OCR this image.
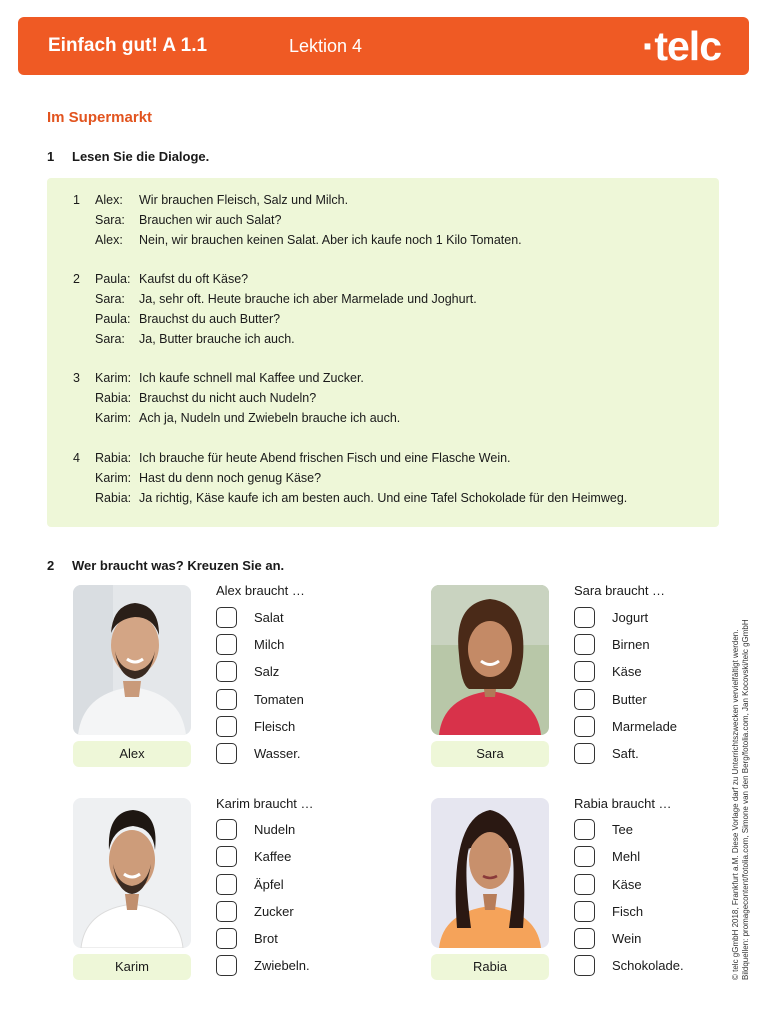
Einfach gut! A 1.1	Lektion 4	·telc
Im Supermarkt
1 Lesen Sie die Dialoge.
1 Alex: Wir brauchen Fleisch, Salz und Milch.
Sara: Brauchen wir auch Salat?
Alex: Nein, wir brauchen keinen Salat. Aber ich kaufe noch 1 Kilo Tomaten.
2 Paula: Kaufst du oft Käse?
Sara: Ja, sehr oft. Heute brauche ich aber Marmelade und Joghurt.
Paula: Brauchst du auch Butter?
Sara: Ja, Butter brauche ich auch.
3 Karim: Ich kaufe schnell mal Kaffee und Zucker.
Rabia: Brauchst du nicht auch Nudeln?
Karim: Ach ja, Nudeln und Zwiebeln brauche ich auch.
4 Rabia: Ich brauche für heute Abend frischen Fisch und eine Flasche Wein.
Karim: Hast du denn noch genug Käse?
Rabia: Ja richtig, Käse kaufe ich am besten auch. Und eine Tafel Schokolade für den Heimweg.
2 Wer braucht was? Kreuzen Sie an.
Alex
Alex braucht …
Salat
Milch
Salz
Tomaten
Fleisch
Wasser.	Sara
Sara braucht …
Jogurt
Birnen
Käse
Butter
Marmelade
Saft.
Karim
Karim braucht …
Nudeln
Kaffee
Äpfel
Zucker
Brot
Zwiebeln.	Rabia
Rabia braucht …
Tee
Mehl
Käse
Fisch
Wein
Schokolade.	© telc gGmbH 2018, Frankfurt a.M. Diese Vorlage darf zu Unterrichtszwecken vervielfältigt werden. Bildquellen: promagecontent/fotolia.com, Simone van den Berg/fotolia.com, Jan Kocovski/telc gGmbH
